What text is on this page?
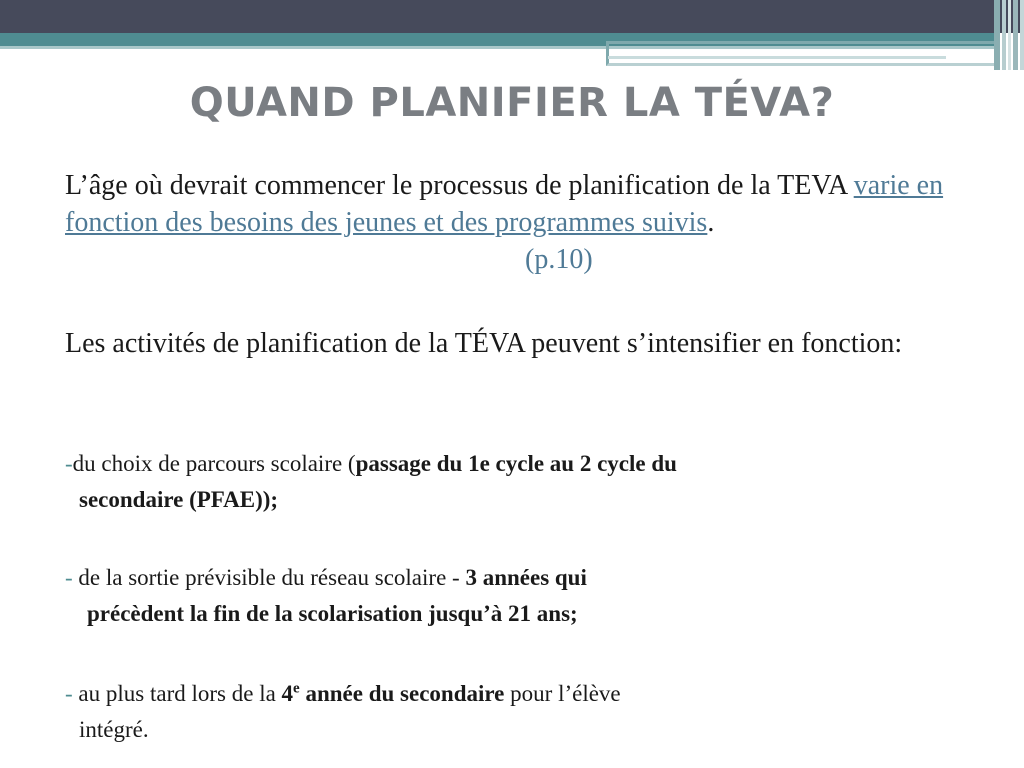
QUAND PLANIFIER LA TÉVA?

L’âge où devrait commencer le processus de planification de la TEVA varie en fonction des besoins des jeunes et des programmes suivis.(p.10)

Les activités de planification de la TÉVA peuvent s’intensifier en fonction:

-du choix de parcours scolaire (passage du 1e cycle au 2 cycle du
secondaire (PFAE));

- de la sortie prévisible du réseau scolaire - 3 années qui
précèdent la fin de la scolarisation jusqu’à 21 ans;

- au plus tard lors de la 4e année du secondaire pour l’élève
intégré.
